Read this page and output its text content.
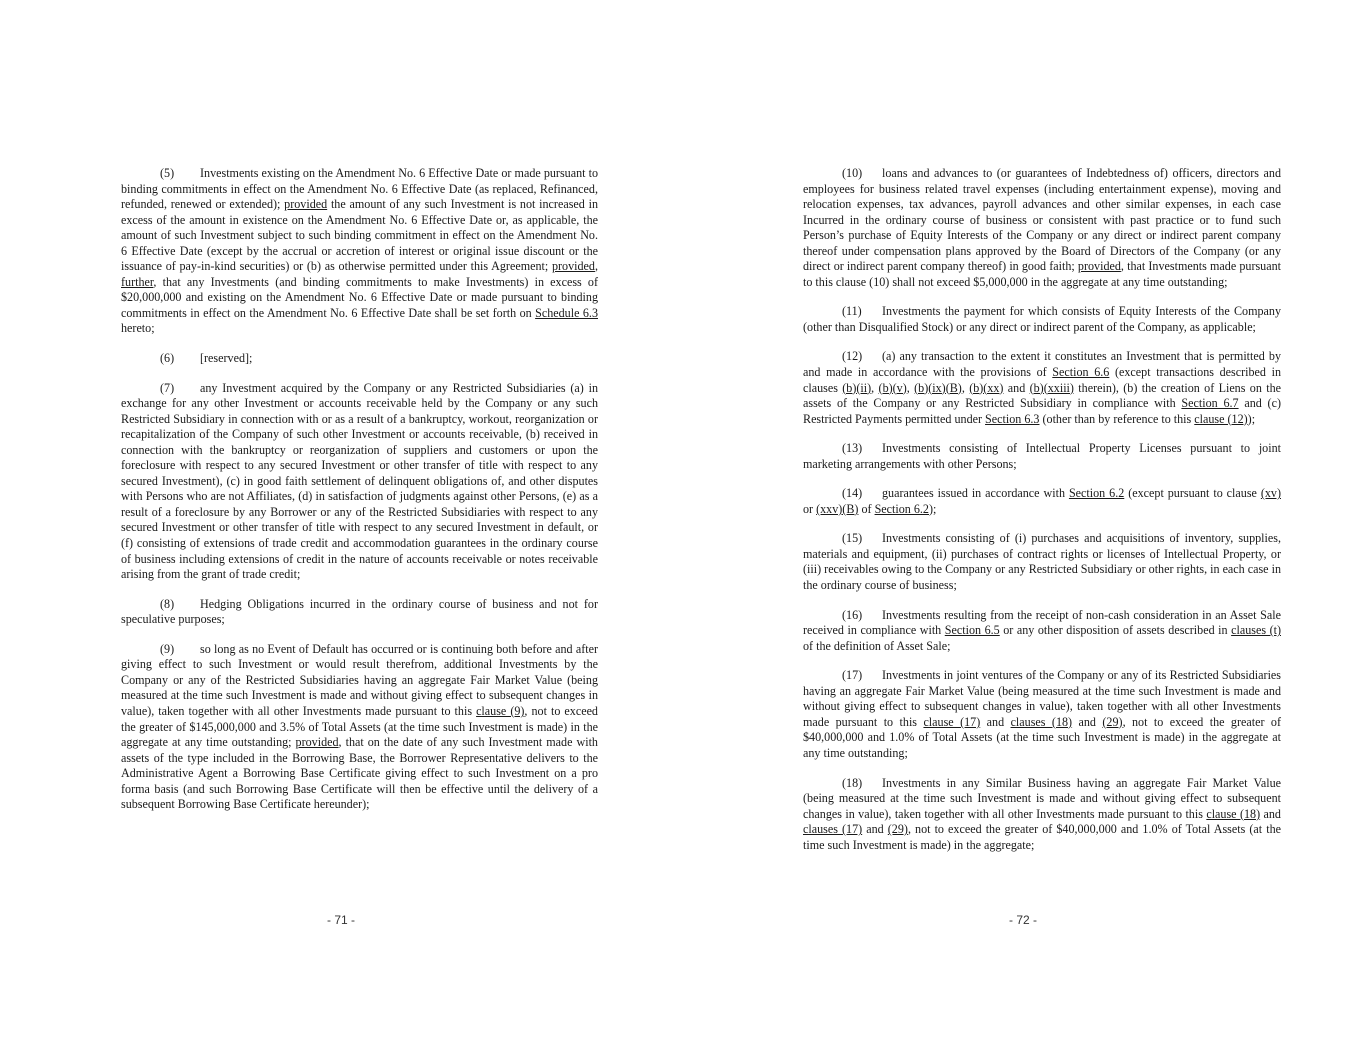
(5) Investments existing on the Amendment No. 6 Effective Date or made pursuant to binding commitments in effect on the Amendment No. 6 Effective Date (as replaced, Refinanced, refunded, renewed or extended); provided the amount of any such Investment is not increased in excess of the amount in existence on the Amendment No. 6 Effective Date or, as applicable, the amount of such Investment subject to such binding commitment in effect on the Amendment No. 6 Effective Date (except by the accrual or accretion of interest or original issue discount or the issuance of pay-in-kind securities) or (b) as otherwise permitted under this Agreement; provided, further, that any Investments (and binding commitments to make Investments) in excess of $20,000,000 and existing on the Amendment No. 6 Effective Date or made pursuant to binding commitments in effect on the Amendment No. 6 Effective Date shall be set forth on Schedule 6.3 hereto;

(6) [reserved];

(7) any Investment acquired by the Company or any Restricted Subsidiaries (a) in exchange for any other Investment or accounts receivable held by the Company or any such Restricted Subsidiary in connection with or as a result of a bankruptcy, workout, reorganization or recapitalization of the Company of such other Investment or accounts receivable, (b) received in connection with the bankruptcy or reorganization of suppliers and customers or upon the foreclosure with respect to any secured Investment or other transfer of title with respect to any secured Investment), (c) in good faith settlement of delinquent obligations of, and other disputes with Persons who are not Affiliates, (d) in satisfaction of judgments against other Persons, (e) as a result of a foreclosure by any Borrower or any of the Restricted Subsidiaries with respect to any secured Investment or other transfer of title with respect to any secured Investment in default, or (f) consisting of extensions of trade credit and accommodation guarantees in the ordinary course of business including extensions of credit in the nature of accounts receivable or notes receivable arising from the grant of trade credit;

(8) Hedging Obligations incurred in the ordinary course of business and not for speculative purposes;

(9) so long as no Event of Default has occurred or is continuing both before and after giving effect to such Investment or would result therefrom, additional Investments by the Company or any of the Restricted Subsidiaries having an aggregate Fair Market Value (being measured at the time such Investment is made and without giving effect to subsequent changes in value), taken together with all other Investments made pursuant to this clause (9), not to exceed the greater of $145,000,000 and 3.5% of Total Assets (at the time such Investment is made) in the aggregate at any time outstanding; provided, that on the date of any such Investment made with assets of the type included in the Borrowing Base, the Borrower Representative delivers to the Administrative Agent a Borrowing Base Certificate giving effect to such Investment on a pro forma basis (and such Borrowing Base Certificate will then be effective until the delivery of a subsequent Borrowing Base Certificate hereunder);

- 71 -

(10) loans and advances to (or guarantees of Indebtedness of) officers, directors and employees for business related travel expenses (including entertainment expense), moving and relocation expenses, tax advances, payroll advances and other similar expenses, in each case Incurred in the ordinary course of business or consistent with past practice or to fund such Person’s purchase of Equity Interests of the Company or any direct or indirect parent company thereof under compensation plans approved by the Board of Directors of the Company (or any direct or indirect parent company thereof) in good faith; provided, that Investments made pursuant to this clause (10) shall not exceed $5,000,000 in the aggregate at any time outstanding;

(11) Investments the payment for which consists of Equity Interests of the Company (other than Disqualified Stock) or any direct or indirect parent of the Company, as applicable;

(12) (a) any transaction to the extent it constitutes an Investment that is permitted by and made in accordance with the provisions of Section 6.6 (except transactions described in clauses (b)(ii), (b)(v), (b)(ix)(B), (b)(xx) and (b)(xxiii) therein), (b) the creation of Liens on the assets of the Company or any Restricted Subsidiary in compliance with Section 6.7 and (c) Restricted Payments permitted under Section 6.3 (other than by reference to this clause (12));

(13) Investments consisting of Intellectual Property Licenses pursuant to joint marketing arrangements with other Persons;

(14) guarantees issued in accordance with Section 6.2 (except pursuant to clause (xv) or (xxv)(B) of Section 6.2);

(15) Investments consisting of (i) purchases and acquisitions of inventory, supplies, materials and equipment, (ii) purchases of contract rights or licenses of Intellectual Property, or (iii) receivables owing to the Company or any Restricted Subsidiary or other rights, in each case in the ordinary course of business;

(16) Investments resulting from the receipt of non-cash consideration in an Asset Sale received in compliance with Section 6.5 or any other disposition of assets described in clauses (t) of the definition of Asset Sale;

(17) Investments in joint ventures of the Company or any of its Restricted Subsidiaries having an aggregate Fair Market Value (being measured at the time such Investment is made and without giving effect to subsequent changes in value), taken together with all other Investments made pursuant to this clause (17) and clauses (18) and (29), not to exceed the greater of $40,000,000 and 1.0% of Total Assets (at the time such Investment is made) in the aggregate at any time outstanding;

(18) Investments in any Similar Business having an aggregate Fair Market Value (being measured at the time such Investment is made and without giving effect to subsequent changes in value), taken together with all other Investments made pursuant to this clause (18) and clauses (17) and (29), not to exceed the greater of $40,000,000 and 1.0% of Total Assets (at the time such Investment is made) in the aggregate;

- 72 -
